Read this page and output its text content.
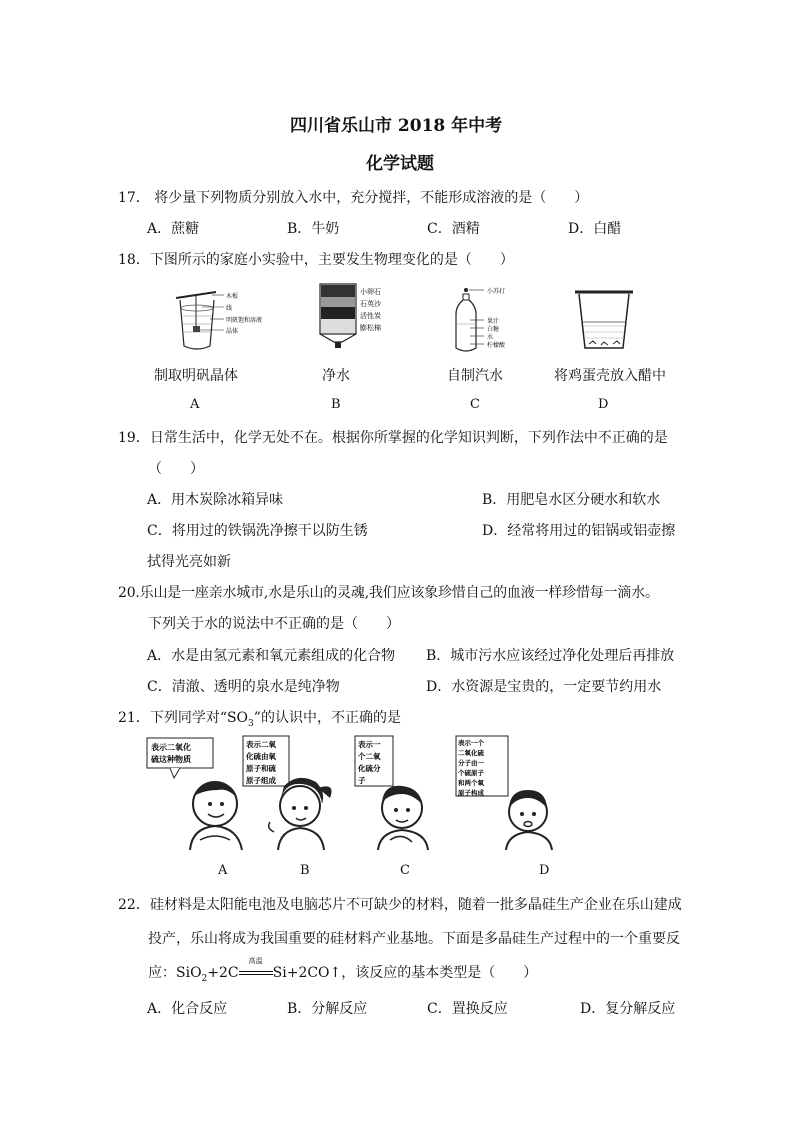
四川省乐山市 2018 年中考
化学试题
17． 将少量下列物质分别放入水中，充分搅拌，不能形成溶液的是（　　）
A．蔗糖	B．牛奶	C．酒精	D．白醋
18．下图所示的家庭小实验中，主要发生物理变化的是（　　）
木板
线
明矾饱和溶液
晶体
小卵石
石英沙
活性炭
膨松棉
小苏打
果汁
白糖
水
柠檬酸
制取明矾晶体	净水	自制汽水	将鸡蛋壳放入醋中
A	B	C	D
19．日常生活中，化学无处不在。根据你所掌握的化学知识判断，下列作法中不正确的是
（　　）
A．用木炭除冰箱异味	B．用肥皂水区分硬水和软水
C．将用过的铁锅洗净擦干以防生锈	D．经常将用过的铝锅或铝壶擦
拭得光亮如新
20.乐山是一座亲水城市,水是乐山的灵魂,我们应该象珍惜自己的血液一样珍惜每一滴水。
下列关于水的说法中不正确的是（　　）
A．水是由氢元素和氧元素组成的化合物 B．城市污水应该经过净化处理后再排放
C．清澈、透明的泉水是纯净物	D．水资源是宝贵的，一定要节约用水
21．下列同学对“$SO_3$”的认识中，不正确的是
表示二氧化
硫这种物质
表示二氧
化硫由氧
原子和硫
原子组成
表示一
个二氧
化硫分
子
表示一个
二氧化硫
分子由一
个硫原子
和两个氧
原子构成
A	B	C	D
22．硅材料是太阳能电池及电脑芯片不可缺少的材料，随着一批多晶硅生产企业在乐山建成
投产，乐山将成为我国重要的硅材料产业基地。下面是多晶硅生产过程中的一个重要反
应：SiO$_2$+2C
高温
Si+2CO↑，该反应的基本类型是（　　）
A．化合反应	B．分解反应	C．置换反应	D．复分解反应
